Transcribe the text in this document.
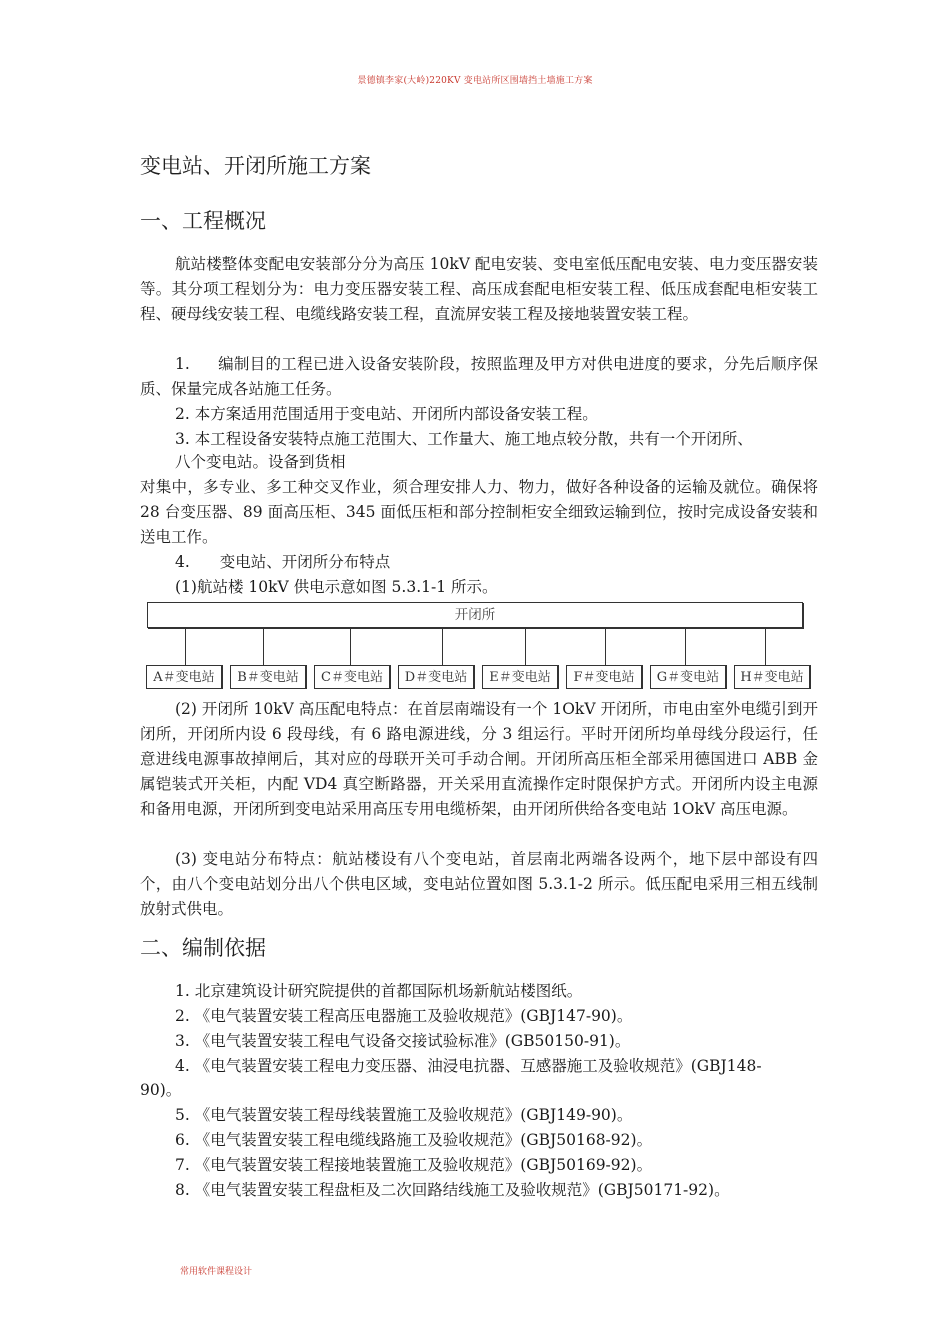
景德镇李家(大岭)220KV 变电站所区围墙挡土墙施工方案
变电站、开闭所施工方案
一、工程概况
航站楼整体变配电安装部分分为高压 10kV 配电安装、变电室低压配电安装、电力变压器安装等。其分项工程划分为：电力变压器安装工程、高压成套配电柜安装工程、低压成套配电柜安装工程、硬母线安装工程、电缆线路安装工程，直流屏安装工程及接地装置安装工程。
1. 编制目的工程已进入设备安装阶段，按照监理及甲方对供电进度的要求，分先后顺序保质、保量完成各站施工任务。
2. 本方案适用范围适用于变电站、开闭所内部设备安装工程。
3. 本工程设备安装特点施工范围大、工作量大、施工地点较分散，共有一个开闭所、
八个变电站。设备到货相
对集中，多专业、多工种交叉作业，须合理安排人力、物力，做好各种设备的运输及就位。确保将 28 台变压器、89 面高压柜、345 面低压柜和部分控制柜安全细致运输到位，按时完成设备安装和送电工作。
4. 变电站、开闭所分布特点
(1)航站楼 10kV 供电示意如图 5.3.1-1 所示。
开闭所
A＃变电站	B＃变电站	C＃变电站	D＃变电站	E＃变电站	F＃变电站	G＃变电站	H＃变电站
(2) 开闭所 10kV 高压配电特点：在首层南端设有一个 1OkV 开闭所，市电由室外电缆引到开闭所，开闭所内设 6 段母线，有 6 路电源进线，分 3 组运行。平时开闭所均单母线分段运行，任意进线电源事故掉闸后，其对应的母联开关可手动合闸。开闭所高压柜全部采用德国进口 ABB 金属铠装式开关柜，内配 VD4 真空断路器，开关采用直流操作定时限保护方式。开闭所内设主电源和备用电源，开闭所到变电站采用高压专用电缆桥架，由开闭所供给各变电站 1OkV 高压电源。
(3) 变电站分布特点：航站楼设有八个变电站，首层南北两端各设两个，地下层中部设有四个，由八个变电站划分出八个供电区域，变电站位置如图 5.3.1-2 所示。低压配电采用三相五线制放射式供电。
二、编制依据
1. 北京建筑设计研究院提供的首都国际机场新航站楼图纸。
2. 《电气装置安装工程高压电器施工及验收规范》(GBJ147-90)。
3. 《电气装置安装工程电气设备交接试验标准》(GB50150-91)。
4. 《电气装置安装工程电力变压器、油浸电抗器、互感器施工及验收规范》(GBJ148-
90)。
5. 《电气装置安装工程母线装置施工及验收规范》(GBJ149-90)。
6. 《电气装置安装工程电缆线路施工及验收规范》(GBJ50168-92)。
7. 《电气装置安装工程接地装置施工及验收规范》(GBJ50169-92)。
8. 《电气装置安装工程盘柜及二次回路结线施工及验收规范》(GBJ50171-92)。
常用软件课程设计
